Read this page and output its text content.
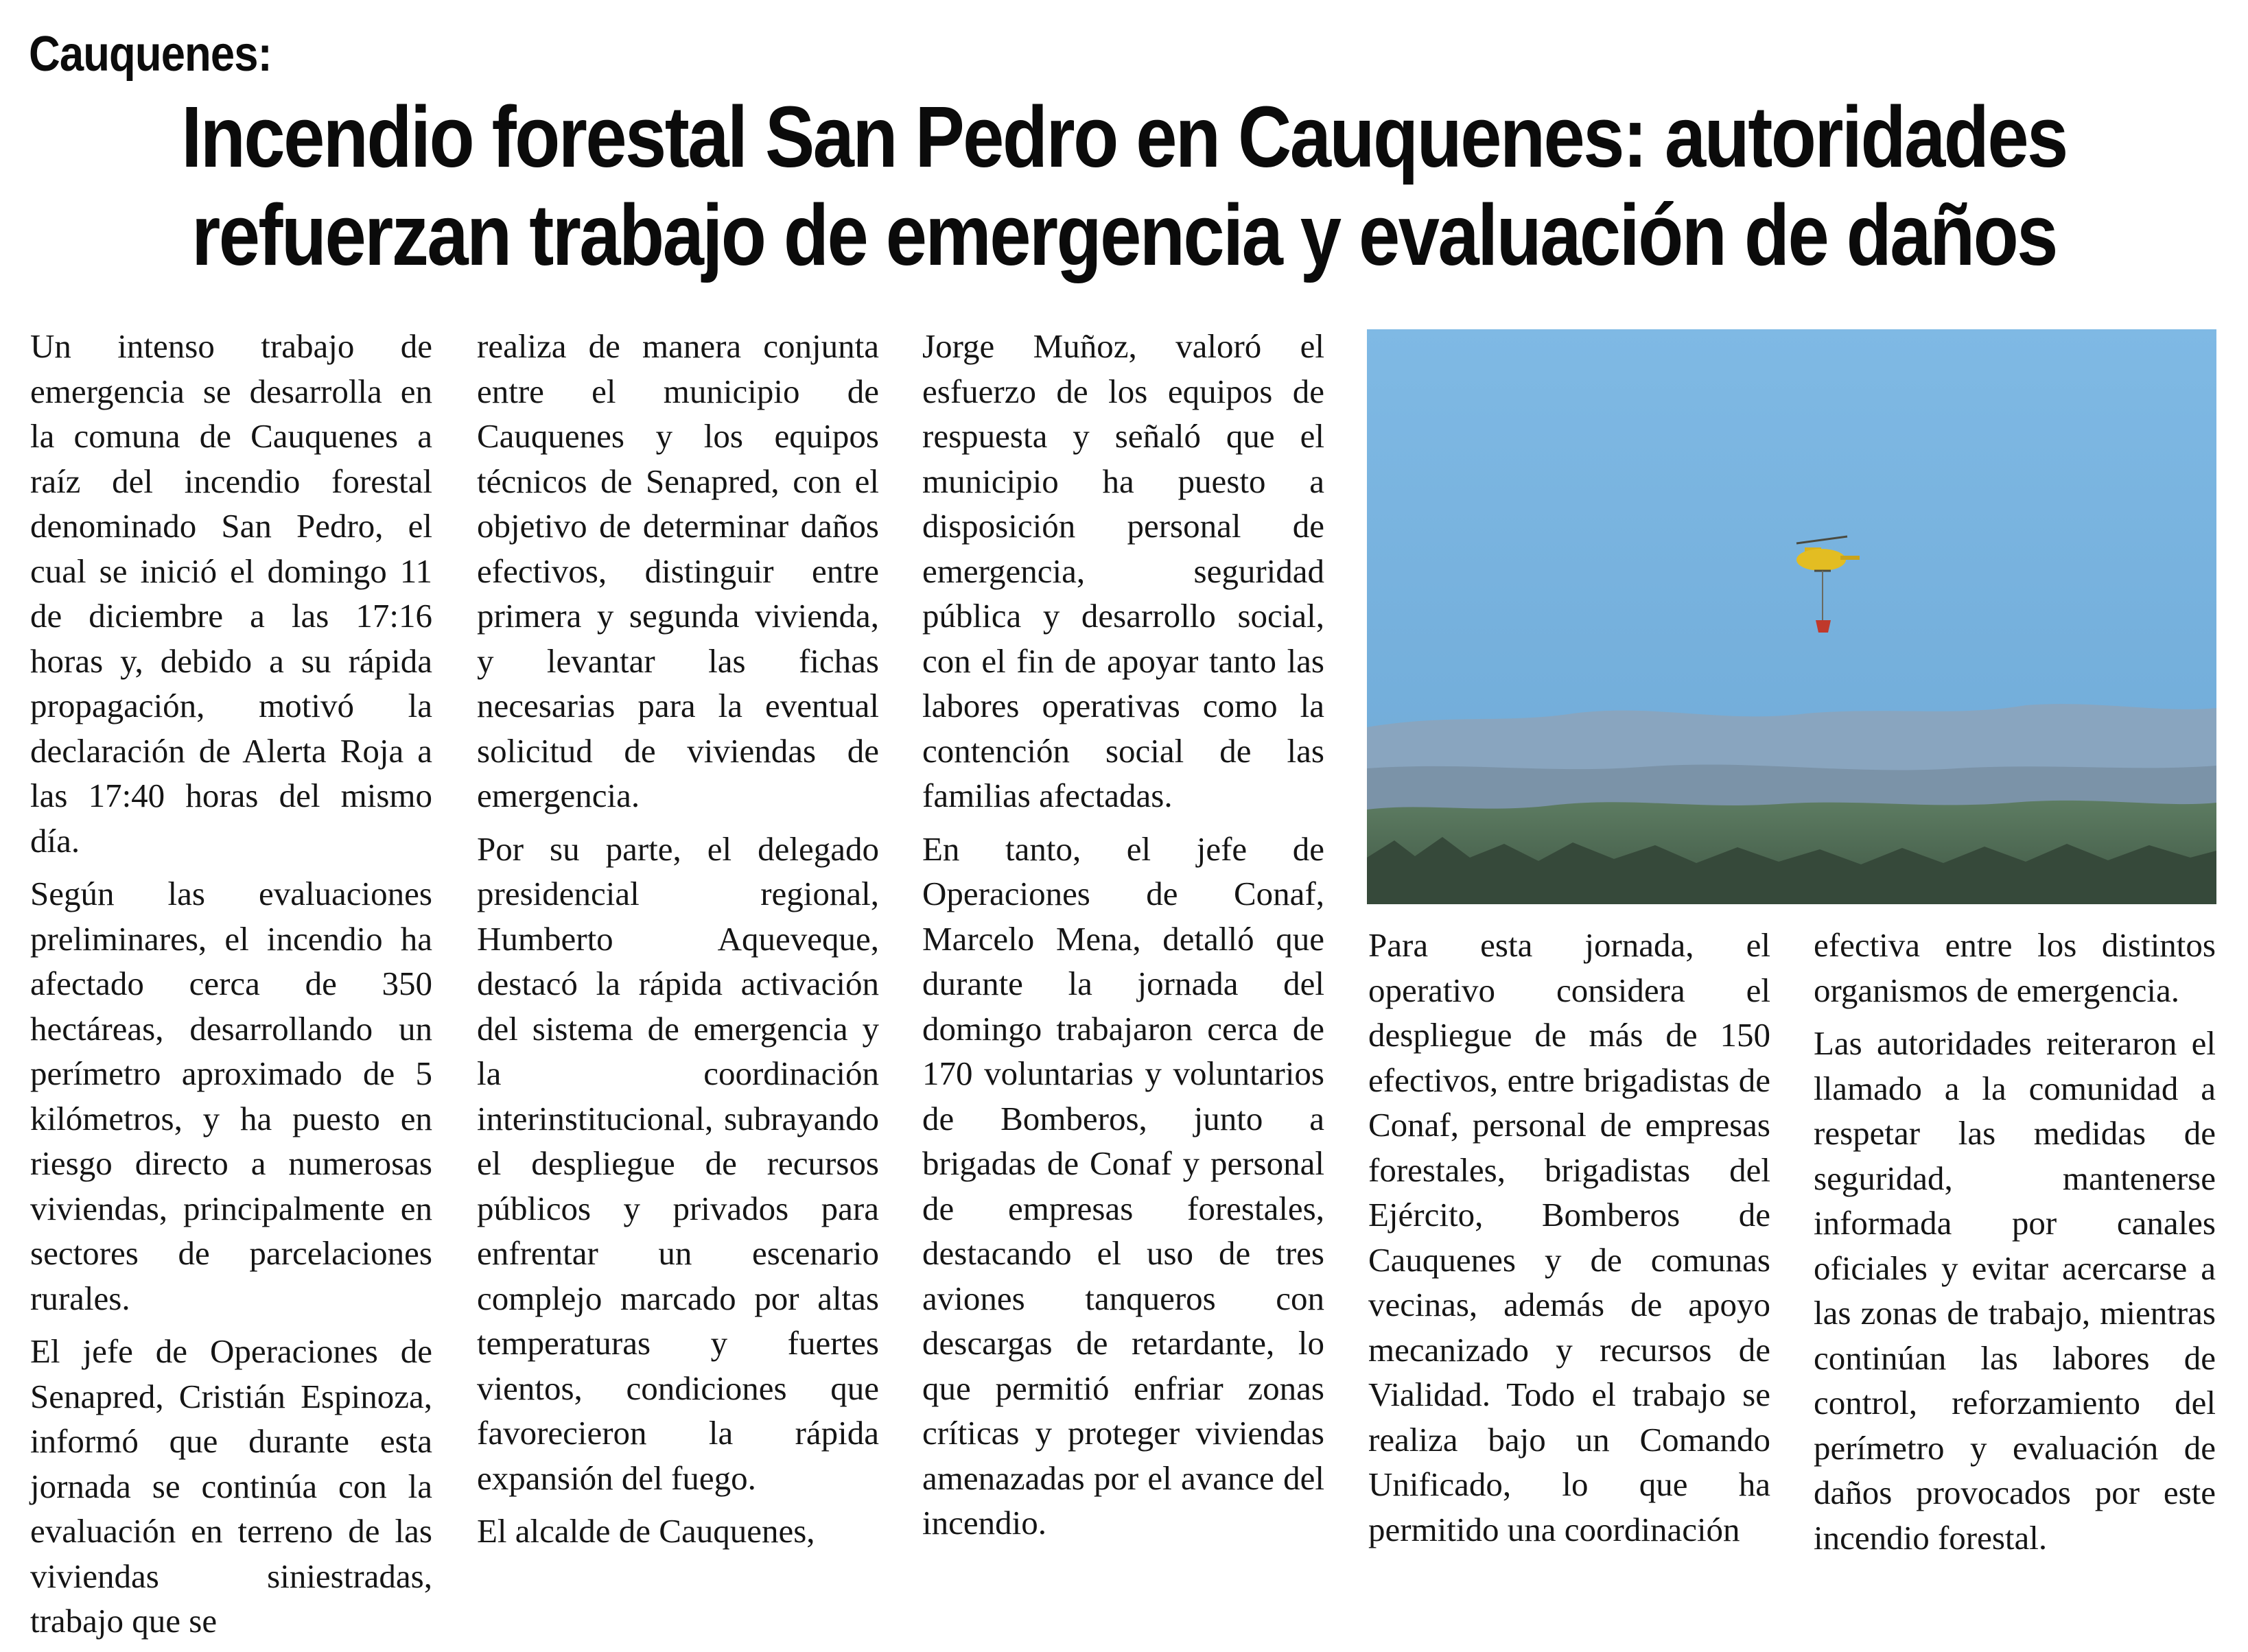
Cauquenes:
Incendio forestal San Pedro en Cauquenes: autoridades
refuerzan trabajo de emergencia y evaluación de daños

Un intenso trabajo de emergencia se desarrolla en la comuna de Cauquenes a raíz del incendio forestal denominado San Pedro, el cual se inició el domingo 11 de diciembre a las 17:16 horas y, debido a su rápida propagación, motivó la declaración de Alerta Roja a las 17:40 horas del mismo día.

Según las evaluaciones preliminares, el incendio ha afectado cerca de 350 hectáreas, desarrollando un perímetro aproximado de 5 kilómetros, y ha puesto en riesgo directo a numerosas viviendas, principalmente en sectores de parcelaciones rurales.

El jefe de Operaciones de Senapred, Cristián Espinoza, informó que durante esta jornada se continúa con la evaluación en terreno de las viviendas siniestradas, trabajo que se

realiza de manera conjunta entre el municipio de Cauquenes y los equipos técnicos de Senapred, con el objetivo de determinar daños efectivos, distinguir entre primera y segunda vivienda, y levantar las fichas necesarias para la eventual solicitud de viviendas de emergencia.

Por su parte, el delegado presidencial regional, Humberto Aqueveque, destacó la rápida activación del sistema de emergencia y la coordinación interinstitucional, subrayando el despliegue de recursos públicos y privados para enfrentar un escenario complejo marcado por altas temperaturas y fuertes vientos, condiciones que favorecieron la rápida expansión del fuego.

El alcalde de Cauquenes,

Jorge Muñoz, valoró el esfuerzo de los equipos de respuesta y señaló que el municipio ha puesto a disposición personal de emergencia, seguridad pública y desarrollo social, con el fin de apoyar tanto las labores operativas como la contención social de las familias afectadas.

En tanto, el jefe de Operaciones de Conaf, Marcelo Mena, detalló que durante la jornada del domingo trabajaron cerca de 170 voluntarias y voluntarios de Bomberos, junto a brigadas de Conaf y personal de empresas forestales, destacando el uso de tres aviones tanqueros con descargas de retardante, lo que permitió enfriar zonas críticas y proteger viviendas amenazadas por el avance del incendio.

Para esta jornada, el operativo considera el despliegue de más de 150 efectivos, entre brigadistas de Conaf, personal de empresas forestales, brigadistas del Ejército, Bomberos de Cauquenes y de comunas vecinas, además de apoyo mecanizado y recursos de Vialidad. Todo el trabajo se realiza bajo un Comando Unificado, lo que ha permitido una coordinación

efectiva entre los distintos organismos de emergencia.

Las autoridades reiteraron el llamado a la comunidad a respetar las medidas de seguridad, mantenerse informada por canales oficiales y evitar acercarse a las zonas de trabajo, mientras continúan las labores de control, reforzamiento del perímetro y evaluación de daños provocados por este incendio forestal.
